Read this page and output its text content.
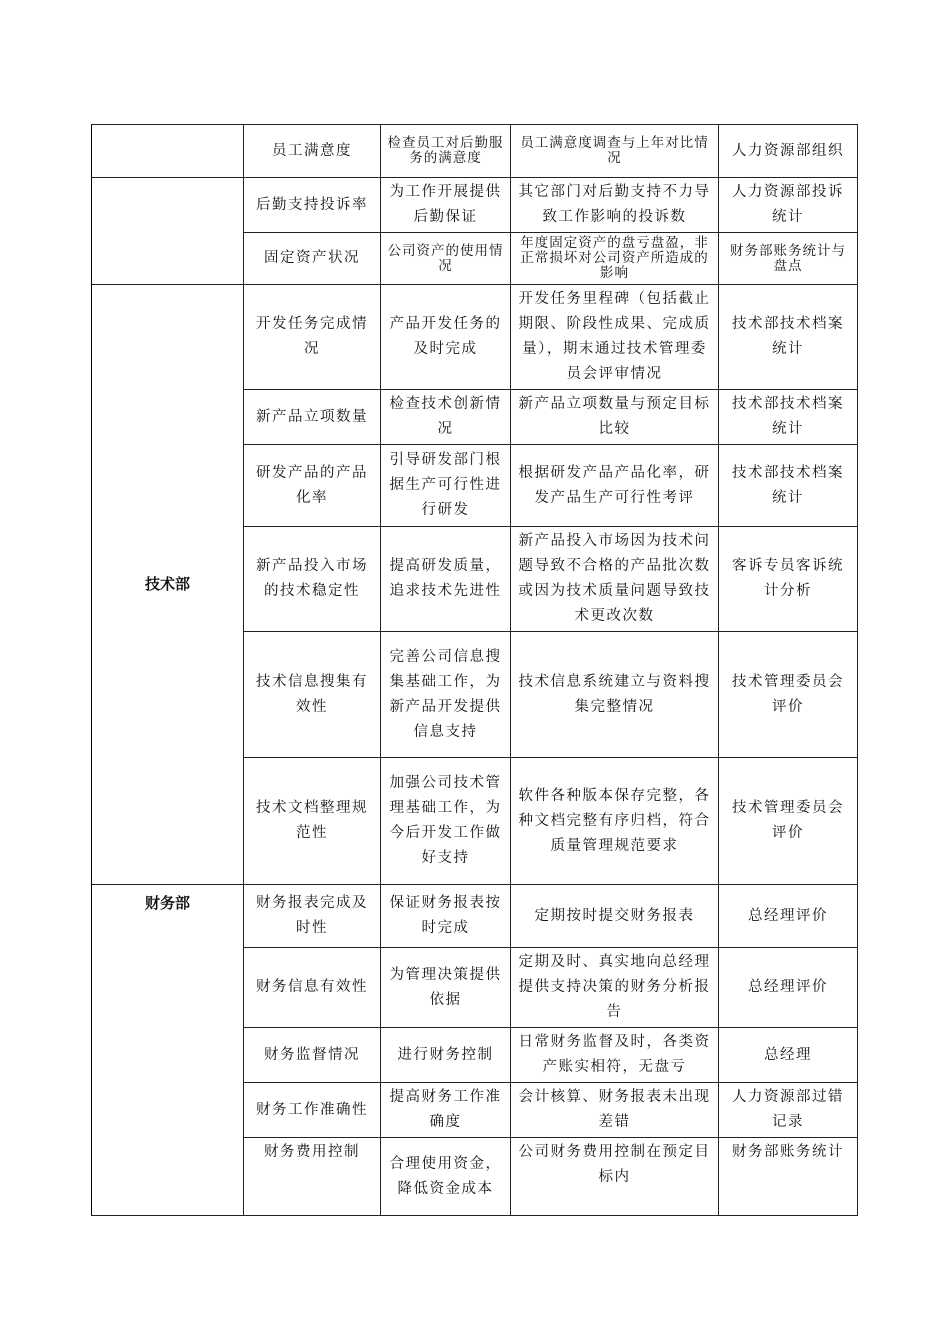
	员工满意度	检查员工对后勤服务的满意度	员工满意度调查与上年对比情况	人力资源部组织
	后勤支持投诉率	为工作开展提供后勤保证	其它部门对后勤支持不力导致工作影响的投诉数	人力资源部投诉统计
	固定资产状况	公司资产的使用情况	年度固定资产的盘亏盘盈，非正常损坏对公司资产所造成的影响	财务部账务统计与盘点
技术部	开发任务完成情况	产品开发任务的及时完成	开发任务里程碑（包括截止期限、阶段性成果、完成质量），期末通过技术管理委员会评审情况	技术部技术档案统计
	新产品立项数量	检查技术创新情况	新产品立项数量与预定目标比较	技术部技术档案统计
	研发产品的产品化率	引导研发部门根据生产可行性进行研发	根据研发产品产品化率，研发产品生产可行性考评	技术部技术档案统计
	新产品投入市场的技术稳定性	提高研发质量，追求技术先进性	新产品投入市场因为技术问题导致不合格的产品批次数或因为技术质量问题导致技术更改次数	客诉专员客诉统计分析
	技术信息搜集有效性	完善公司信息搜集基础工作，为新产品开发提供信息支持	技术信息系统建立与资料搜集完整情况	技术管理委员会评价
	技术文档整理规范性	加强公司技术管理基础工作，为今后开发工作做好支持	软件各种版本保存完整，各种文档完整有序归档，符合质量管理规范要求	技术管理委员会评价
财务部	财务报表完成及时性	保证财务报表按时完成	定期按时提交财务报表	总经理评价
	财务信息有效性	为管理决策提供依据	定期及时、真实地向总经理提供支持决策的财务分析报告	总经理评价
	财务监督情况	进行财务控制	日常财务监督及时，各类资产账实相符，无盘亏	总经理
	财务工作准确性	提高财务工作准确度	会计核算、财务报表未出现差错	人力资源部过错记录
	财务费用控制	合理使用资金，降低资金成本	公司财务费用控制在预定目标内	财务部账务统计
